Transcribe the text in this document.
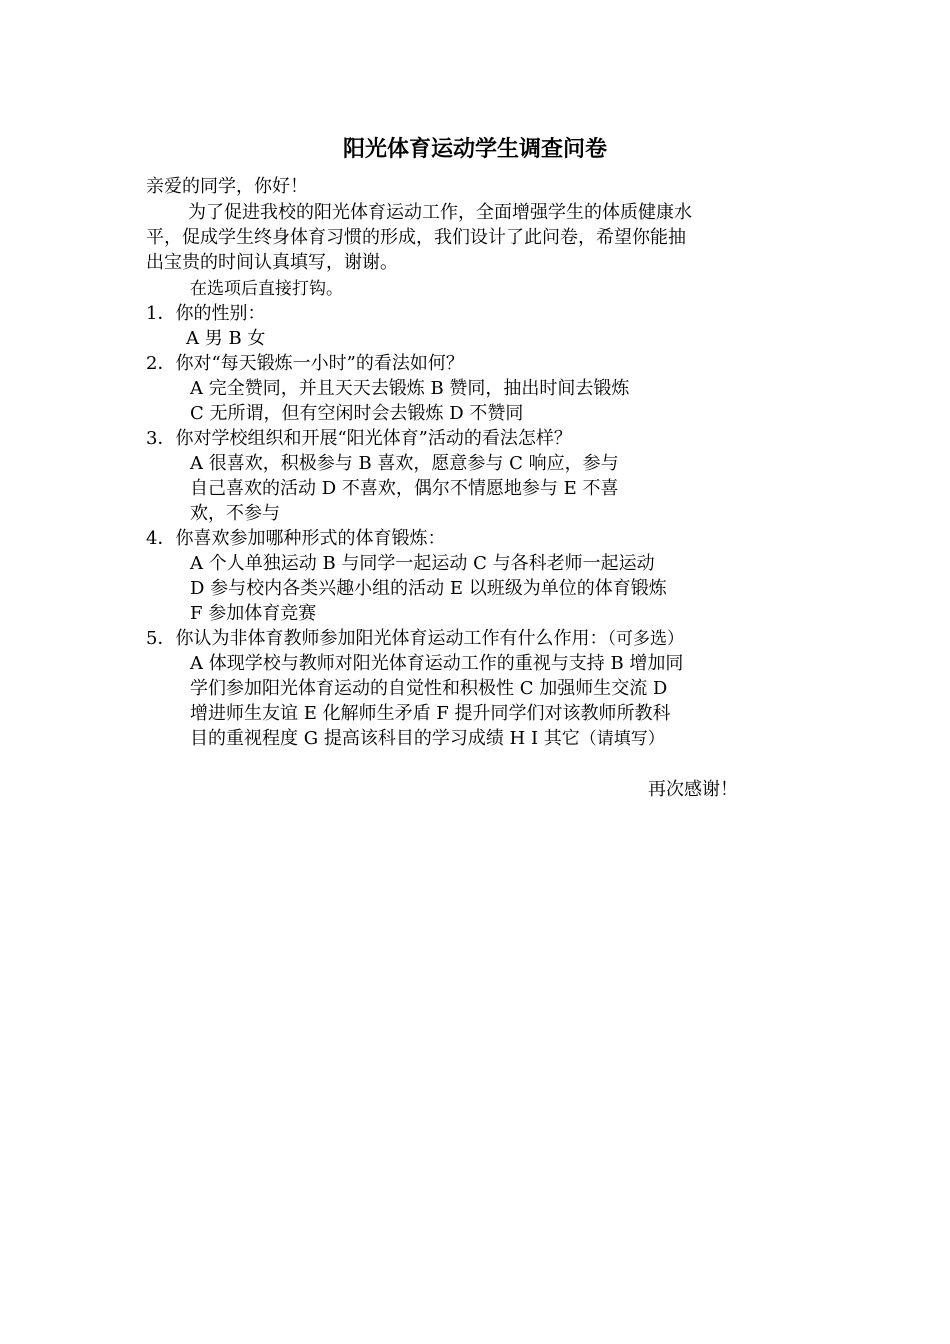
阳光体育运动学生调查问卷
亲爱的同学，你好！
为了促进我校的阳光体育运动工作，全面增强学生的体质健康水
平，促成学生终身体育习惯的形成，我们设计了此问卷，希望你能抽
出宝贵的时间认真填写，谢谢。
在选项后直接打钩。
1．你的性别：
A 男 B 女
2．你对“每天锻炼一小时”的看法如何？
A 完全赞同，并且天天去锻炼 B 赞同，抽出时间去锻炼
C 无所谓，但有空闲时会去锻炼 D 不赞同
3．你对学校组织和开展“阳光体育”活动的看法怎样？
A 很喜欢，积极参与 B 喜欢，愿意参与 C 响应，参与
自己喜欢的活动 D 不喜欢，偶尔不情愿地参与 E 不喜
欢，不参与
4．你喜欢参加哪种形式的体育锻炼：
A 个人单独运动 B 与同学一起运动 C 与各科老师一起运动
D 参与校内各类兴趣小组的活动 E 以班级为单位的体育锻炼
F 参加体育竞赛
5．你认为非体育教师参加阳光体育运动工作有什么作用：（可多选）
A 体现学校与教师对阳光体育运动工作的重视与支持 B 增加同
学们参加阳光体育运动的自觉性和积极性 C 加强师生交流 D
增进师生友谊 E 化解师生矛盾 F 提升同学们对该教师所教科
目的重视程度 G 提高该科目的学习成绩 H I 其它（请填写）
再次感谢！
